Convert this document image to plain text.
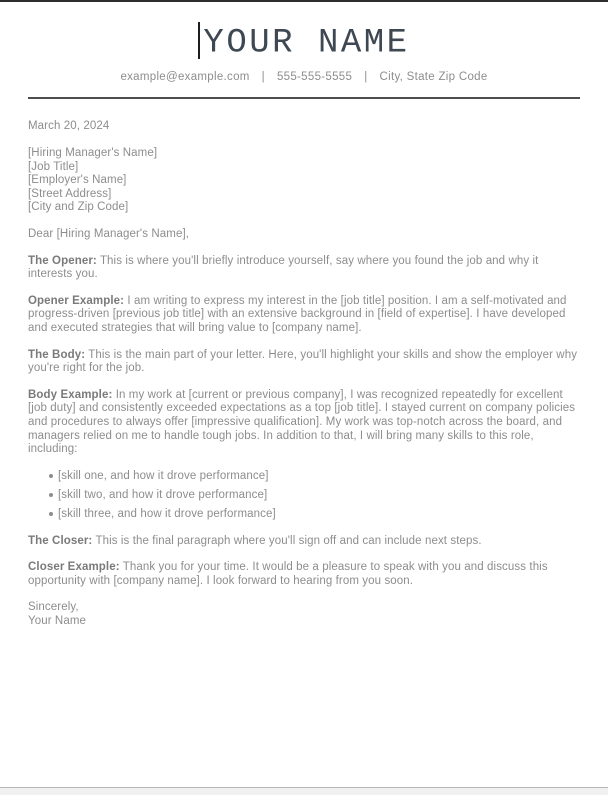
YOUR NAME
example@example.com | 555-555-5555 | City, State Zip Code
March 20, 2024
[Hiring Manager's Name]
[Job Title]
[Employer's Name]
[Street Address]
[City and Zip Code]
Dear [Hiring Manager's Name],

The Opener: This is where you'll briefly introduce yourself, say where you found the job and why it interests you.

Opener Example: I am writing to express my interest in the [job title] position. I am a self-motivated and progress-driven [previous job title] with an extensive background in [field of expertise]. I have developed and executed strategies that will bring value to [company name].

The Body: This is the main part of your letter. Here, you'll highlight your skills and show the employer why you're right for the job.

Body Example: In my work at [current or previous company], I was recognized repeatedly for excellent [job duty] and consistently exceeded expectations as a top [job title]. I stayed current on company policies and procedures to always offer [impressive qualification]. My work was top-notch across the board, and managers relied on me to handle tough jobs. In addition to that, I will bring many skills to this role, including:

[skill one, and how it drove performance]
[skill two, and how it drove performance]
[skill three, and how it drove performance]

The Closer: This is the final paragraph where you'll sign off and can include next steps.

Closer Example: Thank you for your time. It would be a pleasure to speak with you and discuss this opportunity with [company name]. I look forward to hearing from you soon.

Sincerely,
Your Name
